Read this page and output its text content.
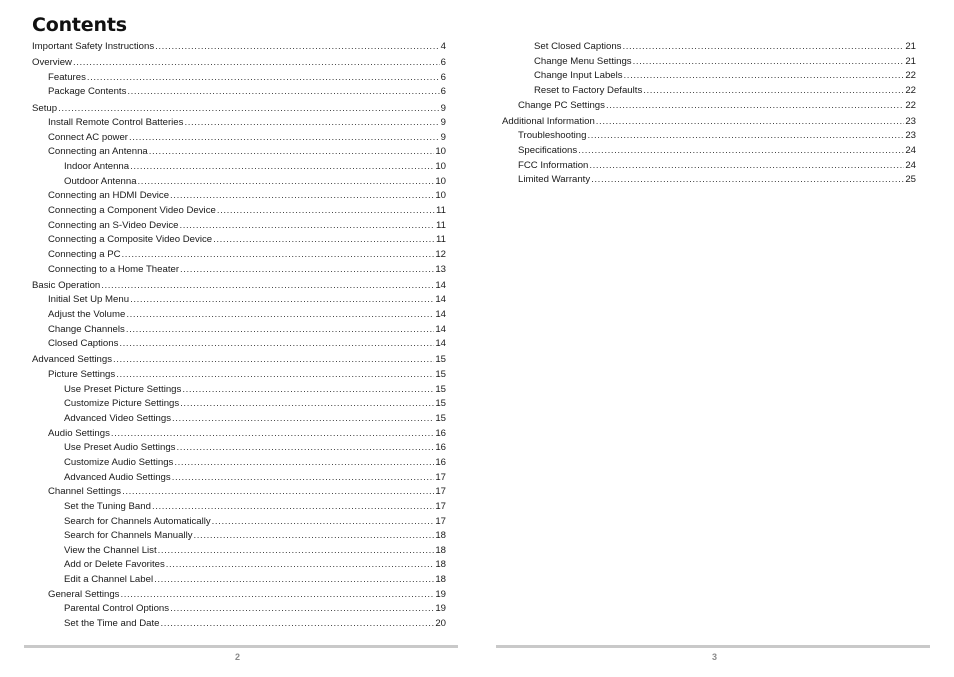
Contents
Important Safety Instructions .....	4
Overview .....	6
Features .....	6
Package Contents .....	6
Setup .....	9
Install Remote Control Batteries .....	9
Connect AC power .....	9
Connecting an Antenna .....	10
Indoor Antenna .....	10
Outdoor Antenna .....	10
Connecting an HDMI Device .....	10
Connecting a Component Video Device .....	11
Connecting an S-Video Device .....	11
Connecting a Composite Video Device .....	11
Connecting a PC .....	12
Connecting to a Home Theater .....	13
Basic Operation .....	14
Initial Set Up Menu .....	14
Adjust the Volume .....	14
Change Channels .....	14
Closed Captions .....	14
Advanced Settings .....	15
Picture Settings .....	15
Use Preset Picture Settings .....	15
Customize Picture Settings .....	15
Advanced Video Settings .....	15
Audio Settings .....	16
Use Preset Audio Settings .....	16
Customize Audio Settings .....	16
Advanced Audio Settings .....	17
Channel Settings .....	17
Set the Tuning Band .....	17
Search for Channels Automatically .....	17
Search for Channels Manually .....	18
View the Channel List .....	18
Add or Delete Favorites .....	18
Edit a Channel Label .....	18
General Settings .....	19
Parental Control Options .....	19
Set the Time and Date .....	20
Set Closed Captions .....	21
Change Menu Settings .....	21
Change Input Labels .....	22
Reset to Factory Defaults .....	22
Change PC Settings .....	22
Additional Information .....	23
Troubleshooting .....	23
Specifications .....	24
FCC Information .....	24
Limited Warranty .....	25
2	3
